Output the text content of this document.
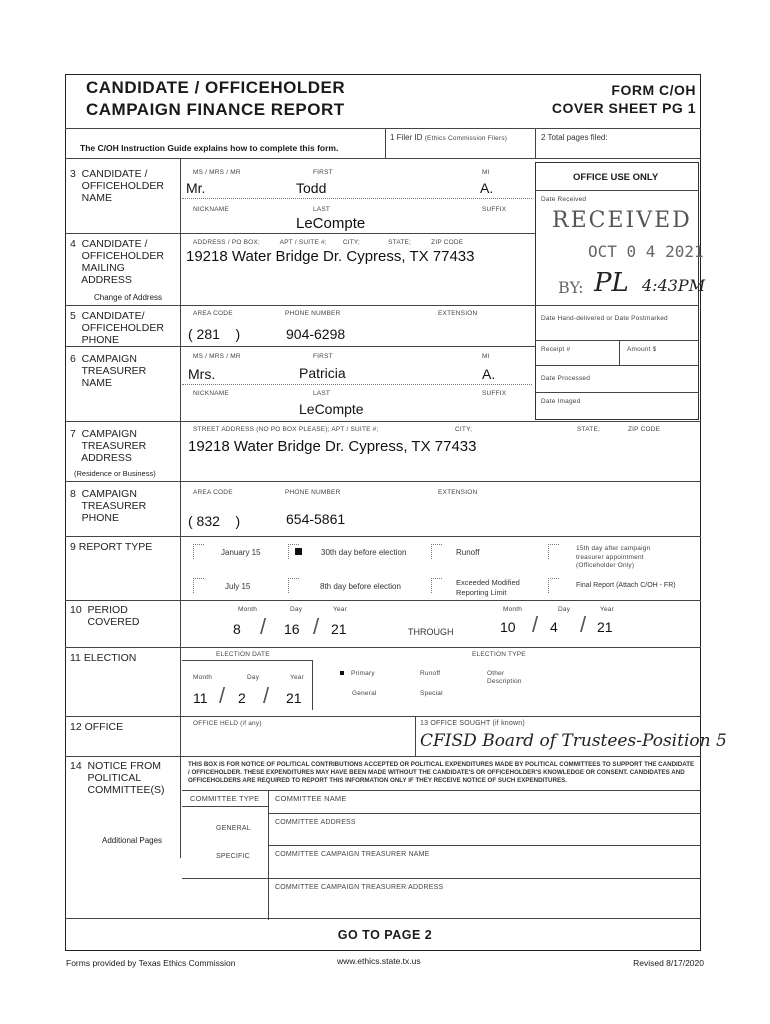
CANDIDATE / OFFICEHOLDER
CAMPAIGN FINANCE REPORT
FORM C/OH
COVER SHEET PG 1
The C/OH Instruction Guide explains how to complete this form.
1 Filer ID (Ethics Commission Filers)	2 Total pages filed:
OFFICE USE ONLY
Date Received
RECEIVED
OCT 0 4 2021
BY: PL 4:43PM
Date Hand-delivered or Date Postmarked
Receipt #	Amount $
Date Processed
Date Imaged
3  CANDIDATE /
OFFICEHOLDER
NAME
MS / MRS / MR	FIRST	MI
Mr.	Todd	A.
NICKNAME	LAST	SUFFIX
LeCompte
4  CANDIDATE /
OFFICEHOLDER
MAILING
ADDRESS
ADDRESS / PO BOX;          APT / SUITE #;        CITY;              STATE;          ZIP CODE
19218 Water Bridge Dr. Cypress, TX 77433
Change of Address
5  CANDIDATE/
OFFICEHOLDER
PHONE
AREA CODE	PHONE NUMBER	EXTENSION
( 281    )	904-6298
6  CAMPAIGN
TREASURER
NAME
MS / MRS / MR	FIRST	MI
Mrs.	Patricia	A.
NICKNAME	LAST	SUFFIX
LeCompte
7  CAMPAIGN
TREASURER
ADDRESS
(Residence or Business)
STREET ADDRESS (NO PO BOX PLEASE); APT / SUITE #;	CITY;	STATE;	ZIP CODE
19218 Water Bridge Dr. Cypress, TX 77433
8  CAMPAIGN
TREASURER
PHONE
AREA CODE	PHONE NUMBER	EXTENSION
( 832    )	654-5861
9 REPORT TYPE	January 15	30th day before election	Runoff	15th day after campaign
treasurer appointment
(Officeholder Only)
July 15	8th day before election	Exceeded Modified
Reporting Limit
Final Report (Attach C/OH - FR)
10  PERIOD
COVERED
Month	Day	Year
8 / 16 / 21	THROUGH
Month	Day	Year
10 / 4 / 21
11 ELECTION	ELECTION DATE	ELECTION TYPE
Month	Day	Year
11 / 2 / 21
Primary	Runoff	Other
Description
General	Special
12 OFFICE	OFFICE HELD (if any)	13 OFFICE SOUGHT (if known)
CFISD Board of Trustees-Position 5
14  NOTICE FROM
POLITICAL
COMMITTEE(S)
THIS BOX IS FOR NOTICE OF POLITICAL CONTRIBUTIONS ACCEPTED OR POLITICAL EXPENDITURES MADE BY POLITICAL COMMITTEES TO SUPPORT THE CANDIDATE / OFFICEHOLDER. THESE EXPENDITURES MAY HAVE BEEN MADE WITHOUT THE CANDIDATE'S OR OFFICEHOLDER'S KNOWLEDGE OR CONSENT. CANDIDATES AND OFFICEHOLDERS ARE REQUIRED TO REPORT THIS INFORMATION ONLY IF THEY RECEIVE NOTICE OF SUCH EXPENDITURES.
COMMITTEE TYPE COMMITTEE NAME
GENERAL
COMMITTEE ADDRESS
Additional Pages
SPECIFIC	COMMITTEE CAMPAIGN TREASURER NAME
COMMITTEE CAMPAIGN TREASURER ADDRESS
GO TO PAGE 2
Forms provided by Texas Ethics Commission	www.ethics.state.tx.us	Revised 8/17/2020
